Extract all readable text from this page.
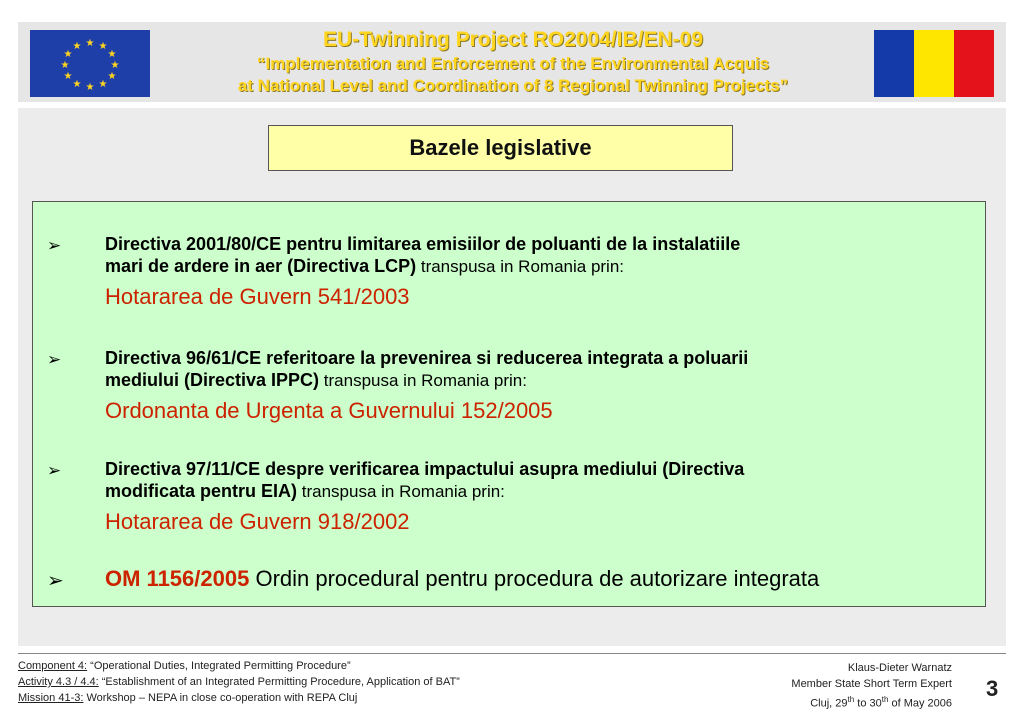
★ ★
★
★
★
★
★
★
★
★
★
★	EU-Twinning Project RO2004/IB/EN-09
“Implementation and Enforcement of the Environmental Acquis
at National Level and Coordination of 8 Regional Twinning Projects”
Bazele legislative
➢ Directiva 2001/80/CE pentru limitarea emisiilor de poluanti de la instalatiile
mari de ardere in aer (Directiva LCP) transpusa in Romania prin:
Hotararea de Guvern 541/2003
➢ Directiva 96/61/CE referitoare la prevenirea si reducerea integrata a poluarii
mediului (Directiva IPPC) transpusa in Romania prin:
Ordonanta de Urgenta a Guvernului 152/2005
➢ Directiva 97/11/CE despre verificarea impactului asupra mediului (Directiva
modificata pentru EIA) transpusa in Romania prin:
Hotararea de Guvern 918/2002
➢ OM 1156/2005 Ordin procedural pentru procedura de autorizare integrata
Component 4: “Operational Duties, Integrated Permitting Procedure”
Activity 4.3 / 4.4: “Establishment of an Integrated Permitting Procedure, Application of BAT”
Mission 41-3: Workshop – NEPA in close co-operation with REPA Cluj
Klaus-Dieter Warnatz
Member State Short Term Expert
Cluj, 29th to 30th of May 2006
3
